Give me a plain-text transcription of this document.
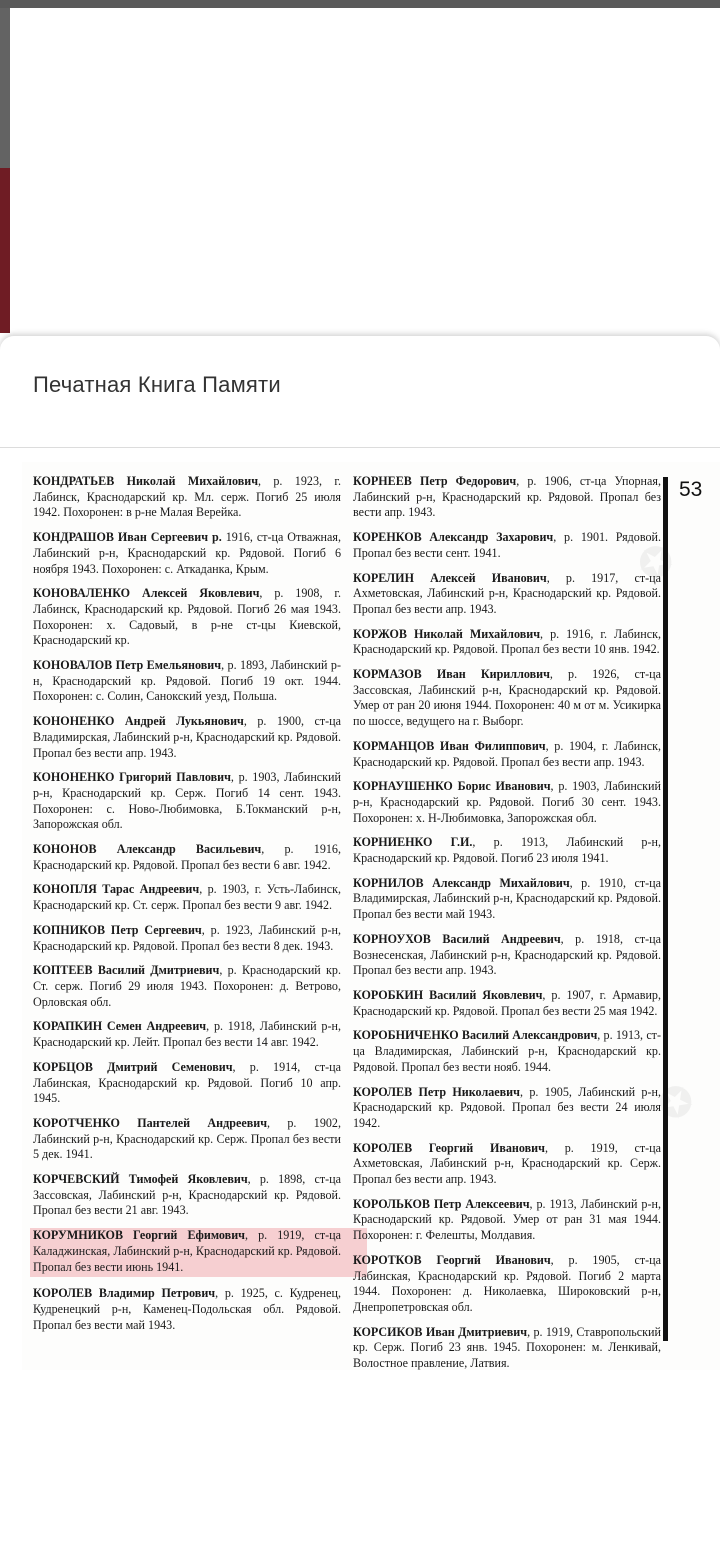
Печатная Книга Памяти
КОНДРАТЬЕВ Николай Михайлович, р. 1923, г. Лабинск, Краснодарский кр. Мл. серж. Погиб 25 июля 1942. Похоронен: в р-не Малая Верейка.
КОНДРАШОВ Иван Сергеевич р. 1916, ст-ца Отважная, Лабинский р-н, Краснодарский кр. Рядовой. Погиб 6 ноября 1943. Похоронен: с. Аткаданка, Крым.
КОНОВАЛЕНКО Алексей Яковлевич, р. 1908, г. Лабинск, Краснодарский кр. Рядовой. Погиб 26 мая 1943. Похоронен: х. Садовый, в р-не ст-цы Киевской, Краснодарский кр.
КОНОВАЛОВ Петр Емельянович, р. 1893, Лабинский р-н, Краснодарский кр. Рядовой. Погиб 19 окт. 1944. Похоронен: с. Солин, Санокский уезд, Польша.
КОНОНЕНКО Андрей Лукьянович, р. 1900, ст-ца Владимирская, Лабинский р-н, Краснодарский кр. Рядовой. Пропал без вести апр. 1943.
КОНОНЕНКО Григорий Павлович, р. 1903, Лабинский р-н, Краснодарский кр. Серж. Погиб 14 сент. 1943. Похоронен: с. Ново-Любимовка, Б.Токманский р-н, Запорожская обл.
КОНОНОВ Александр Васильевич, р. 1916, Краснодарский кр. Рядовой. Пропал без вести 6 авг. 1942.
КОНОПЛЯ Тарас Андреевич, р. 1903, г. Усть-Лабинск, Краснодарский кр. Ст. серж. Пропал без вести 9 авг. 1942.
КОПНИКОВ Петр Сергеевич, р. 1923, Лабинский р-н, Краснодарский кр. Рядовой. Пропал без вести 8 дек. 1943.
КОПТЕЕВ Василий Дмитриевич, р. Краснодарский кр. Ст. серж. Погиб 29 июля 1943. Похоронен: д. Ветрово, Орловская обл.
КОРАПКИН Семен Андреевич, р. 1918, Лабинский р-н, Краснодарский кр. Лейт. Пропал без вести 14 авг. 1942.
КОРБЦОВ Дмитрий Семенович, р. 1914, ст-ца Лабинская, Краснодарский кр. Рядовой. Погиб 10 апр. 1945.
КОРОТЧЕНКО Пантелей Андреевич, р. 1902, Лабинский р-н, Краснодарский кр. Серж. Пропал без вести 5 дек. 1941.
КОРЧЕВСКИЙ Тимофей Яковлевич, р. 1898, ст-ца Зассовская, Лабинский р-н, Краснодарский кр. Рядовой. Пропал без вести 21 авг. 1943.
КОРУМНИКОВ Георгий Ефимович, р. 1919, ст-ца Каладжинская, Лабинский р-н, Краснодарский кр. Рядовой. Пропал без вести июнь 1941.
КОРОЛЕВ Владимир Петрович, р. 1925, с. Кудренец, Кудренецкий р-н, Каменец-Подольская обл. Рядовой. Пропал без вести май 1943.
КОРНЕЕВ Петр Федорович, р. 1906, ст-ца Упорная, Лабинский р-н, Краснодарский кр. Рядовой. Пропал без вести апр. 1943.
КОРЕНКОВ Александр Захарович, р. 1901. Рядовой. Пропал без вести сент. 1941.
КОРЕЛИН Алексей Иванович, р. 1917, ст-ца Ахметовская, Лабинский р-н, Краснодарский кр. Рядовой. Пропал без вести апр. 1943.
КОРЖОВ Николай Михайлович, р. 1916, г. Лабинск, Краснодарский кр. Рядовой. Пропал без вести 10 янв. 1942.
КОРМАЗОВ Иван Кириллович, р. 1926, ст-ца Зассовская, Лабинский р-н, Краснодарский кр. Рядовой. Умер от ран 20 июня 1944. Похоронен: 40 м от м. Усикирка по шоссе, ведущего на г. Выборг.
КОРМАНЦОВ Иван Филиппович, р. 1904, г. Лабинск, Краснодарский кр. Рядовой. Пропал без вести апр. 1943.
КОРНАУШЕНКО Борис Иванович, р. 1903, Лабинский р-н, Краснодарский кр. Рядовой. Погиб 30 сент. 1943. Похоронен: х. Н-Любимовка, Запорожская обл.
КОРНИЕНКО Г.И., р. 1913, Лабинский р-н, Краснодарский кр. Рядовой. Погиб 23 июля 1941.
КОРНИЛОВ Александр Михайлович, р. 1910, ст-ца Владимирская, Лабинский р-н, Краснодарский кр. Рядовой. Пропал без вести май 1943.
КОРНОУХОВ Василий Андреевич, р. 1918, ст-ца Вознесенская, Лабинский р-н, Краснодарский кр. Рядовой. Пропал без вести апр. 1943.
КОРОБКИН Василий Яковлевич, р. 1907, г. Армавир, Краснодарский кр. Рядовой. Пропал без вести 25 мая 1942.
КОРОБНИЧЕНКО Василий Александрович, р. 1913, ст-ца Владимирская, Лабинский р-н, Краснодарский кр. Рядовой. Пропал без вести нояб. 1944.
КОРОЛЕВ Петр Николаевич, р. 1905, Лабинский р-н, Краснодарский кр. Рядовой. Пропал без вести 24 июля 1942.
КОРОЛЕВ Георгий Иванович, р. 1919, ст-ца Ахметовская, Лабинский р-н, Краснодарский кр. Серж. Пропал без вести апр. 1943.
КОРОЛЬКОВ Петр Алексеевич, р. 1913, Лабинский р-н, Краснодарский кр. Рядовой. Умер от ран 31 мая 1944. Похоронен: г. Фелешты, Молдавия.
КОРОТКОВ Георгий Иванович, р. 1905, ст-ца Лабинская, Краснодарский кр. Рядовой. Погиб 2 марта 1944. Похоронен: д. Николаевка, Широковский р-н, Днепропетровская обл.
КОРСИКОВ Иван Дмитриевич, р. 1919, Ставропольский кр. Серж. Погиб 23 янв. 1945. Похоронен: м. Ленкивай, Волостное правление, Латвия.
53
